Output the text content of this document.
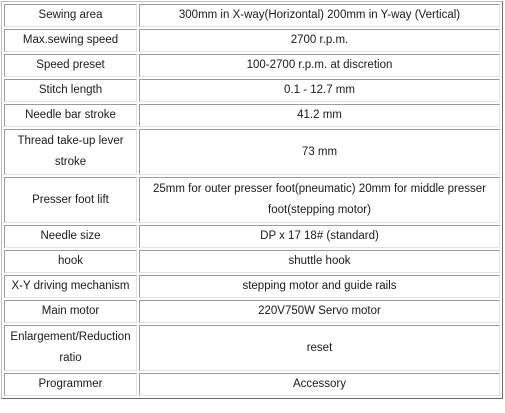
Sewing area	300mm in X-way(Horizontal) 200mm in Y-way (Vertical)
Max.sewing speed	2700 r.p.m.
Speed preset	100-2700 r.p.m. at discretion
Stitch length	0.1 - 12.7 mm
Needle bar stroke	41.2 mm
Thread take-up lever stroke	73 mm
Presser foot lift	25mm for outer presser foot(pneumatic) 20mm for middle presser foot(stepping motor)
Needle size	DP x 17 18# (standard)
hook	shuttle hook
X-Y driving mechanism	stepping motor and guide rails
Main motor	220V750W Servo motor
Enlargement/Reduction ratio	reset
Programmer	Accessory
